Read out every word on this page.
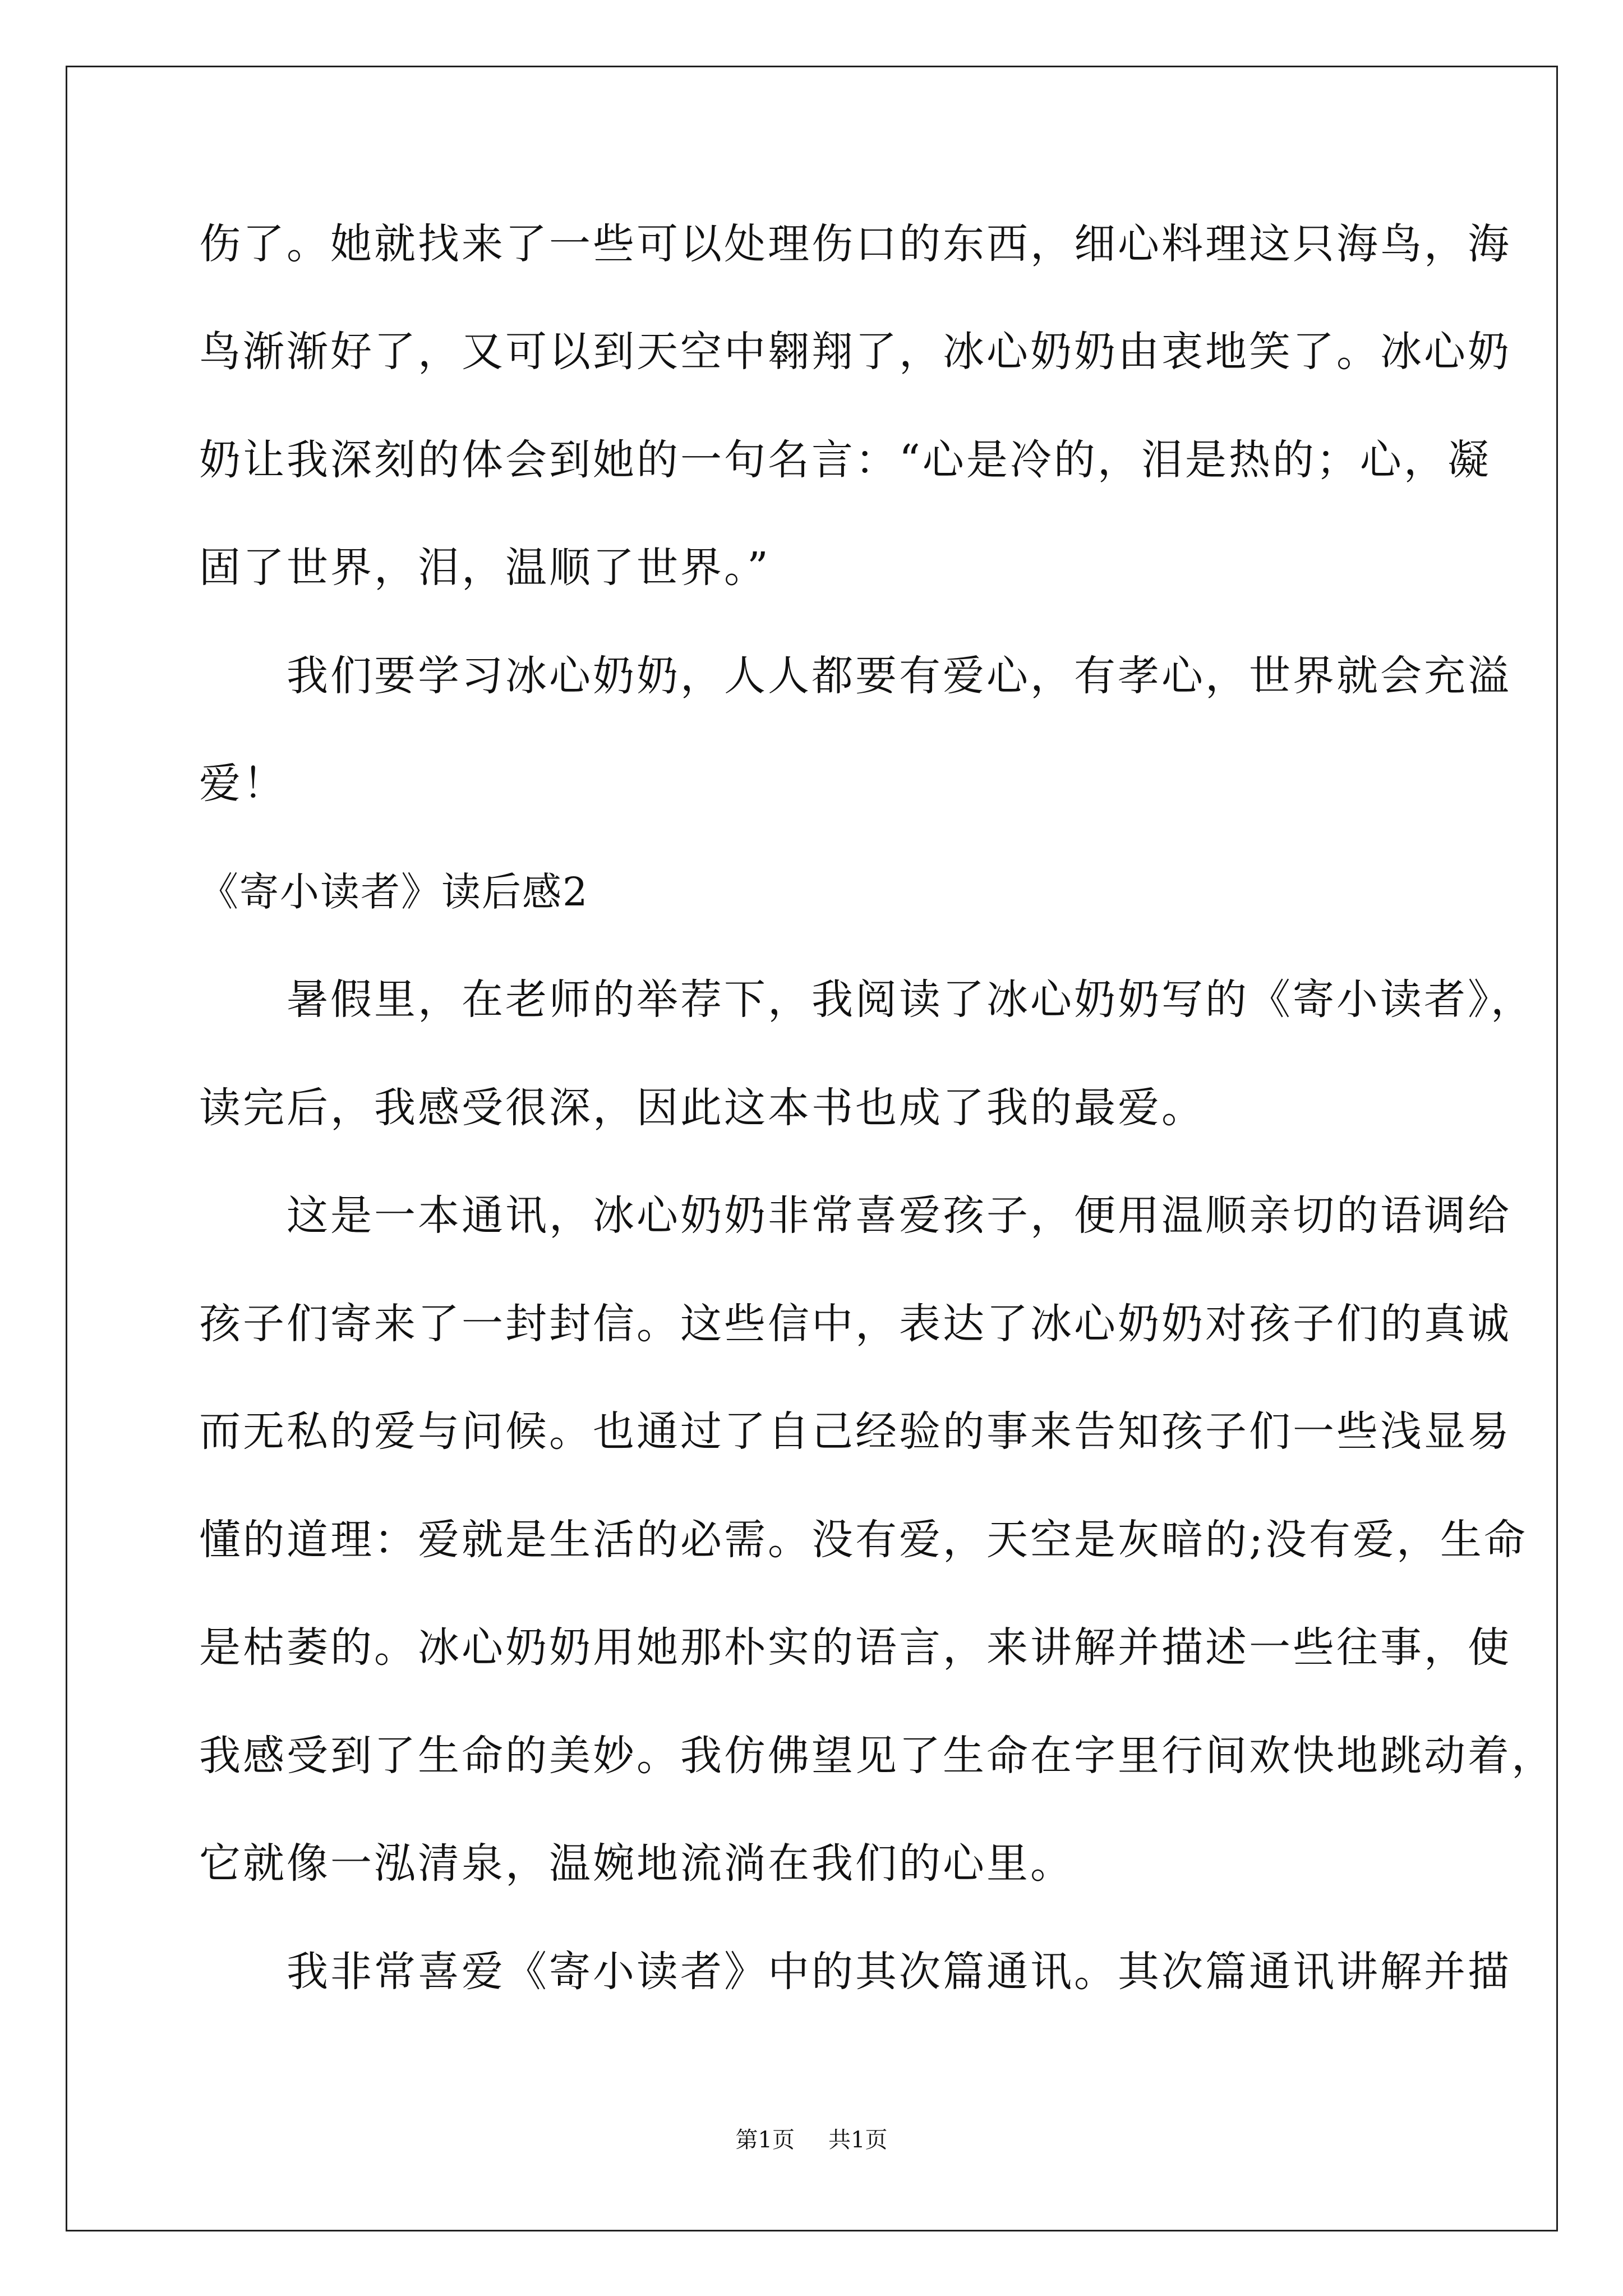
伤了。她就找来了一些可以处理伤口的东西，细心料理这只海鸟，海
鸟渐渐好了，又可以到天空中翱翔了，冰心奶奶由衷地笑了。冰心奶
奶让我深刻的体会到她的一句名言：“心是冷的，泪是热的；心，凝
固了世界，泪，温顺了世界。”
　　我们要学习冰心奶奶，人人都要有爱心，有孝心，世界就会充溢
爱！
《寄小读者》读后感2
　　暑假里，在老师的举荐下，我阅读了冰心奶奶写的《寄小读者》，
读完后，我感受很深，因此这本书也成了我的最爱。
　　这是一本通讯，冰心奶奶非常喜爱孩子，便用温顺亲切的语调给
孩子们寄来了一封封信。这些信中，表达了冰心奶奶对孩子们的真诚
而无私的爱与问候。也通过了自己经验的事来告知孩子们一些浅显易
懂的道理：爱就是生活的必需。没有爱，天空是灰暗的;没有爱，生命
是枯萎的。冰心奶奶用她那朴实的语言，来讲解并描述一些往事，使
我感受到了生命的美妙。我仿佛望见了生命在字里行间欢快地跳动着，
它就像一泓清泉，温婉地流淌在我们的心里。
　　我非常喜爱《寄小读者》中的其次篇通讯。其次篇通讯讲解并描
第1页 共1页
